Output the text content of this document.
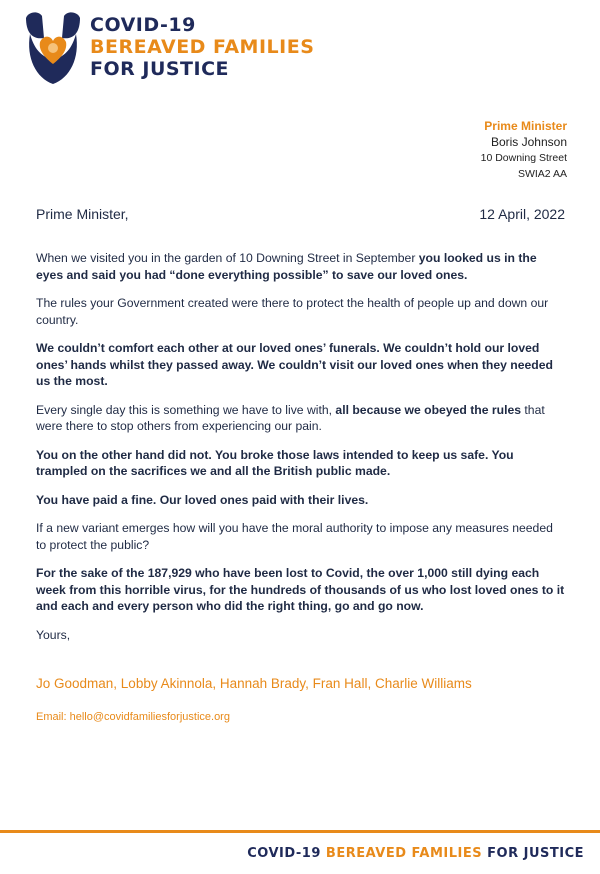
COVID-19
BEREAVED FAMILIES
FOR JUSTICE
Prime Minister
Boris Johnson
10 Downing Street
SWIA2 AA
Prime Minister,	12 April, 2022

When we visited you in the garden of 10 Downing Street in September you looked us in the eyes and said you had “done everything possible” to save our loved ones.

The rules your Government created were there to protect the health of people up and down our country.

We couldn’t comfort each other at our loved ones’ funerals. We couldn’t hold our loved ones’ hands whilst they passed away. We couldn’t visit our loved ones when they needed us the most.

Every single day this is something we have to live with, all because we obeyed the rules that were there to stop others from experiencing our pain.

You on the other hand did not. You broke those laws intended to keep us safe. You trampled on the sacrifices we and all the British public made.

You have paid a fine. Our loved ones paid with their lives.

If a new variant emerges how will you have the moral authority to impose any measures needed to protect the public?

For the sake of the 187,929 who have been lost to Covid, the over 1,000 still dying each week from this horrible virus, for the hundreds of thousands of us who lost loved ones to it and each and every person who did the right thing, go and go now.

Yours,

Jo Goodman, Lobby Akinnola, Hannah Brady, Fran Hall, Charlie Williams
Email: hello@covidfamiliesforjustice.org
COVID-19 BEREAVED FAMILIES FOR JUSTICE
